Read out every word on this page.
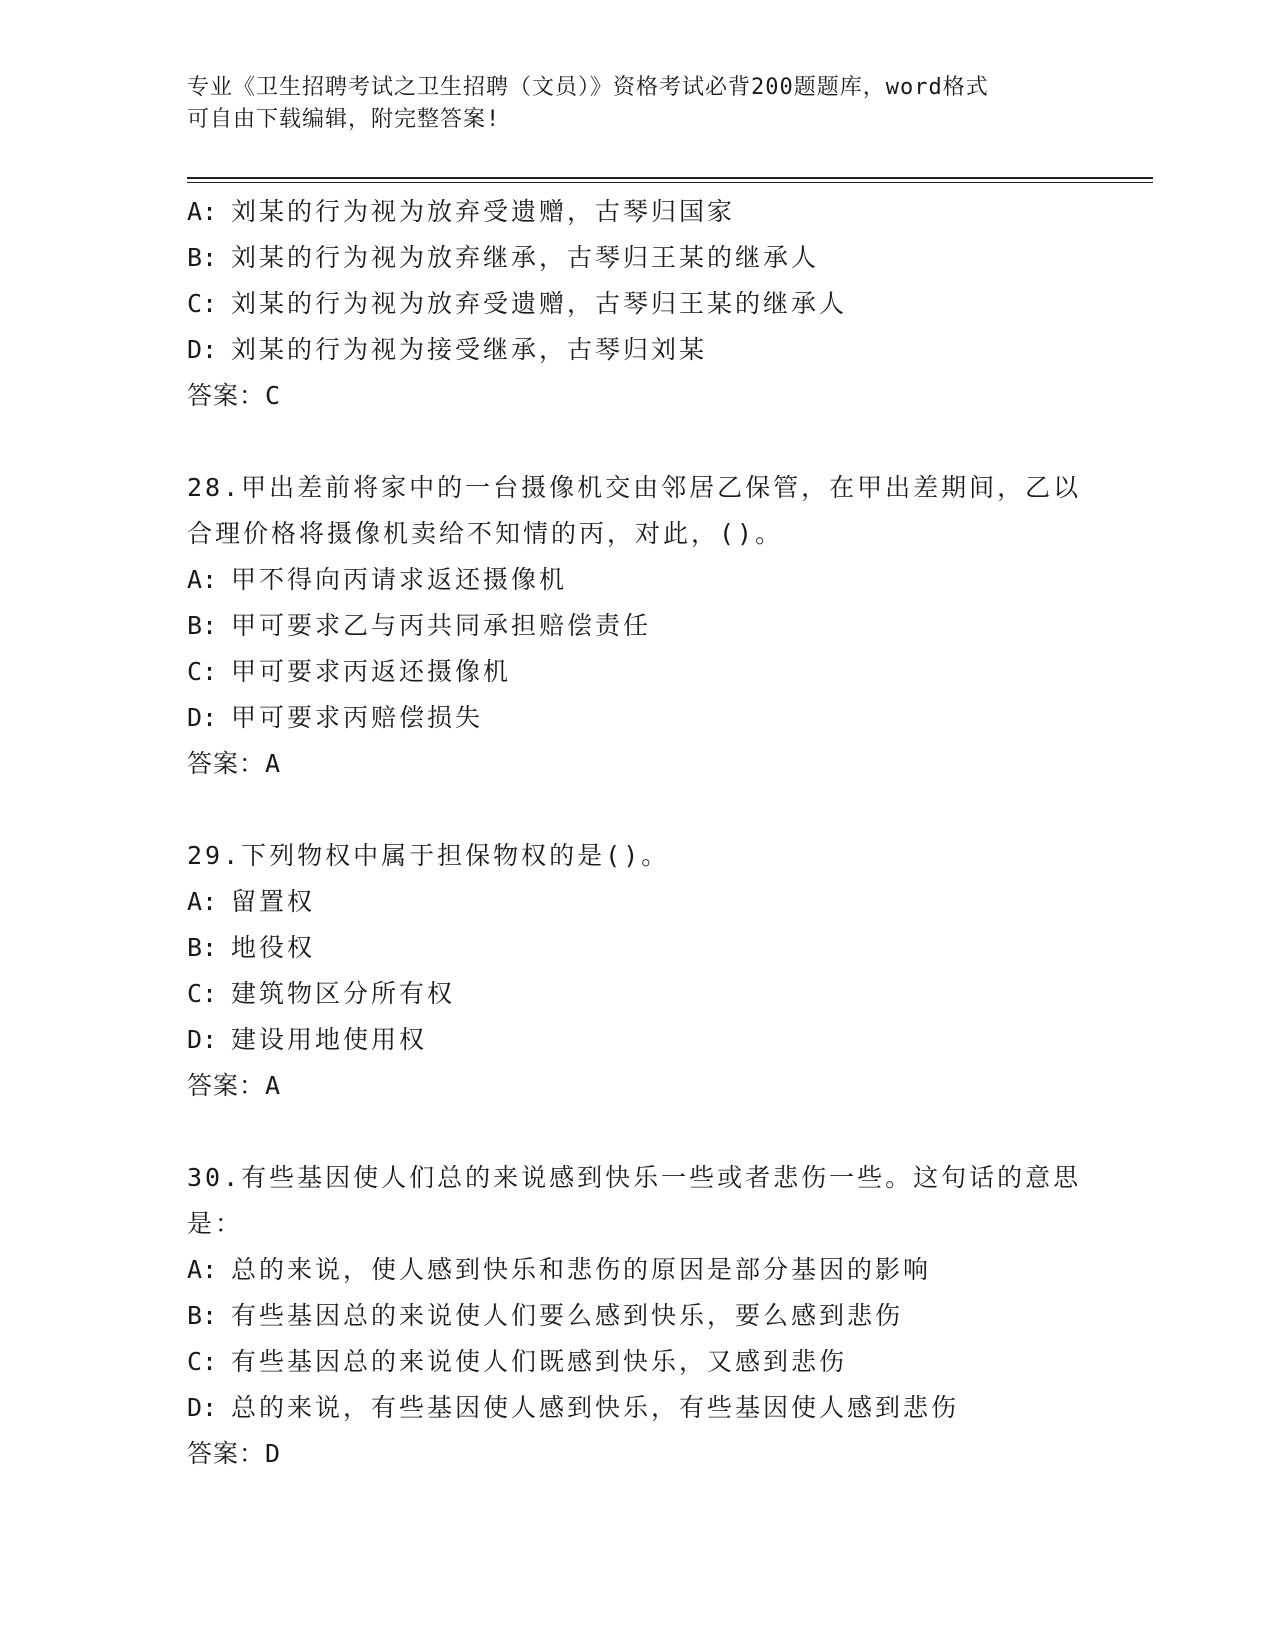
专业《卫生招聘考试之卫生招聘（文员）》资格考试必背200题题库，word格式
可自由下载编辑，附完整答案!
A: 刘某的行为视为放弃受遗赠，古琴归国家
B: 刘某的行为视为放弃继承，古琴归王某的继承人
C: 刘某的行为视为放弃受遗赠，古琴归王某的继承人
D: 刘某的行为视为接受继承，古琴归刘某
答案：C
28.甲出差前将家中的一台摄像机交由邻居乙保管，在甲出差期间，乙以合理价格将摄像机卖给不知情的丙，对此，()。
A: 甲不得向丙请求返还摄像机
B: 甲可要求乙与丙共同承担赔偿责任
C: 甲可要求丙返还摄像机
D: 甲可要求丙赔偿损失
答案：A
29.下列物权中属于担保物权的是()。
A: 留置权
B: 地役权
C: 建筑物区分所有权
D: 建设用地使用权
答案：A
30.有些基因使人们总的来说感到快乐一些或者悲伤一些。这句话的意思是：
A: 总的来说，使人感到快乐和悲伤的原因是部分基因的影响
B: 有些基因总的来说使人们要么感到快乐，要么感到悲伤
C: 有些基因总的来说使人们既感到快乐，又感到悲伤
D: 总的来说，有些基因使人感到快乐，有些基因使人感到悲伤
答案：D
